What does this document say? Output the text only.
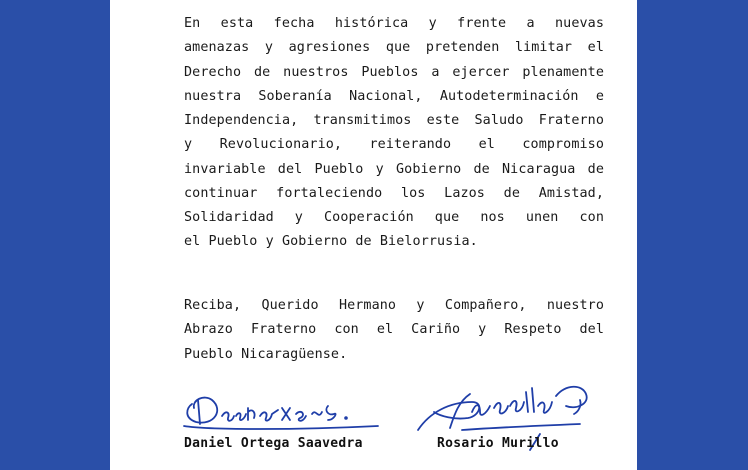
En esta fecha histórica y frente a nuevas
amenazas y agresiones que pretenden limitar el
Derecho de nuestros Pueblos a ejercer plenamente
nuestra Soberanía Nacional, Autodeterminación e
Independencia, transmitimos este Saludo Fraterno
y Revolucionario, reiterando el compromiso
invariable del Pueblo y Gobierno de Nicaragua de
continuar fortaleciendo los Lazos de Amistad,
Solidaridad y Cooperación que nos unen con
el Pueblo y Gobierno de Bielorrusia.

Reciba, Querido Hermano y Compañero, nuestro
Abrazo Fraterno con el Cariño y Respeto del
Pueblo Nicaragüense.

Daniel Ortega Saavedra	Rosario Murillo
